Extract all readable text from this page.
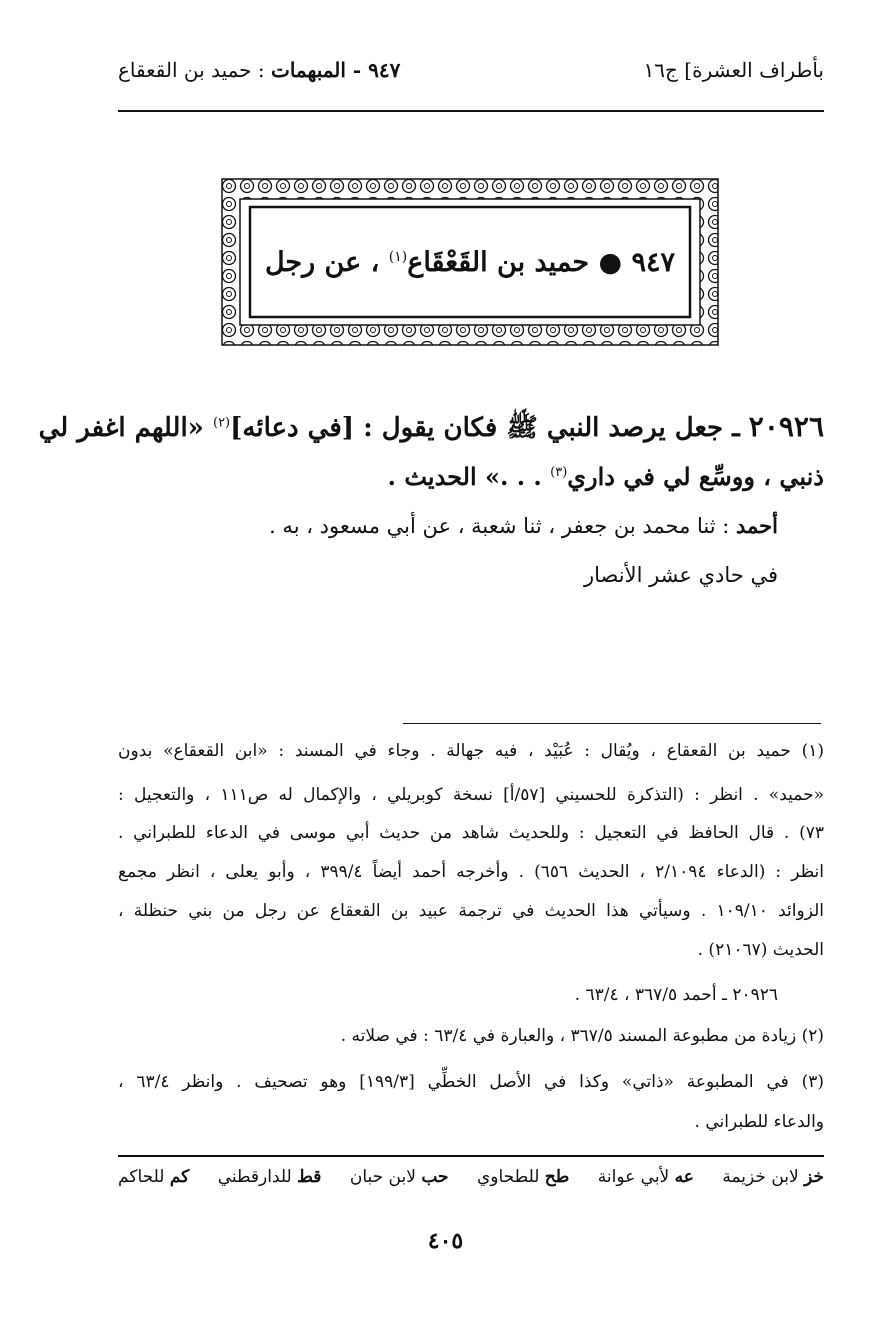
بأطراف العشرة] ج١٦
٩٤٧ - المبهمات : حميد بن القعقاع
٩٤٧ ● حميد بن القَعْقَاع$^{(١)}$ ، عن رجل
٢٠٩٢٦ ـ جعل يرصد النبي ﷺ فكان يقول : [في دعائه]$^{(٢)}$ «اللهم اغفر لي
ذنبي ، ووسِّع لي في داري$^{(٣)}$ . . .» الحديث .
أحمد : ثنا محمد بن جعفر ، ثنا شعبة ، عن أبي مسعود ، به .
في حادي عشر الأنصار
(١) حميد بن القعقاع ، ويُقال : عُبَيْد ، فيه جهالة . وجاء في المسند : «ابن القعقاع» بدون
«حميد» . انظر : (التذكرة للحسيني [٥٧/أ] نسخة كوبريلي ، والإكمال له ص١١١ ، والتعجيل :
٧٣) . قال الحافظ في التعجيل : وللحديث شاهد من حديث أبي موسى في الدعاء للطبراني .
انظر : (الدعاء ٢/١٠٩٤ ، الحديث ٦٥٦) . وأخرجه أحمد أيضاً ٣٩٩/٤ ، وأبو يعلى ، انظر مجمع
الزوائد ١٠٩/١٠ . وسيأتي هذا الحديث في ترجمة عبيد بن القعقاع عن رجل من بني حنظلة ،
الحديث (٢١٠٦٧) .
٢٠٩٢٦ ـ أحمد ٣٦٧/٥ ، ٦٣/٤ .
(٢) زيادة من مطبوعة المسند ٣٦٧/٥ ، والعبارة في ٦٣/٤ : في صلاته .
(٣) في المطبوعة «ذاتي» وكذا في الأصل الخطِّي [١٩٩/٣] وهو تصحيف . وانظر ٦٣/٤ ،
والدعاء للطبراني .
خز لابن خزيمة
عه لأبي عوانة
طح للطحاوي
حب لابن حبان
قط للدارقطني
كم للحاكم
٤٠٥
